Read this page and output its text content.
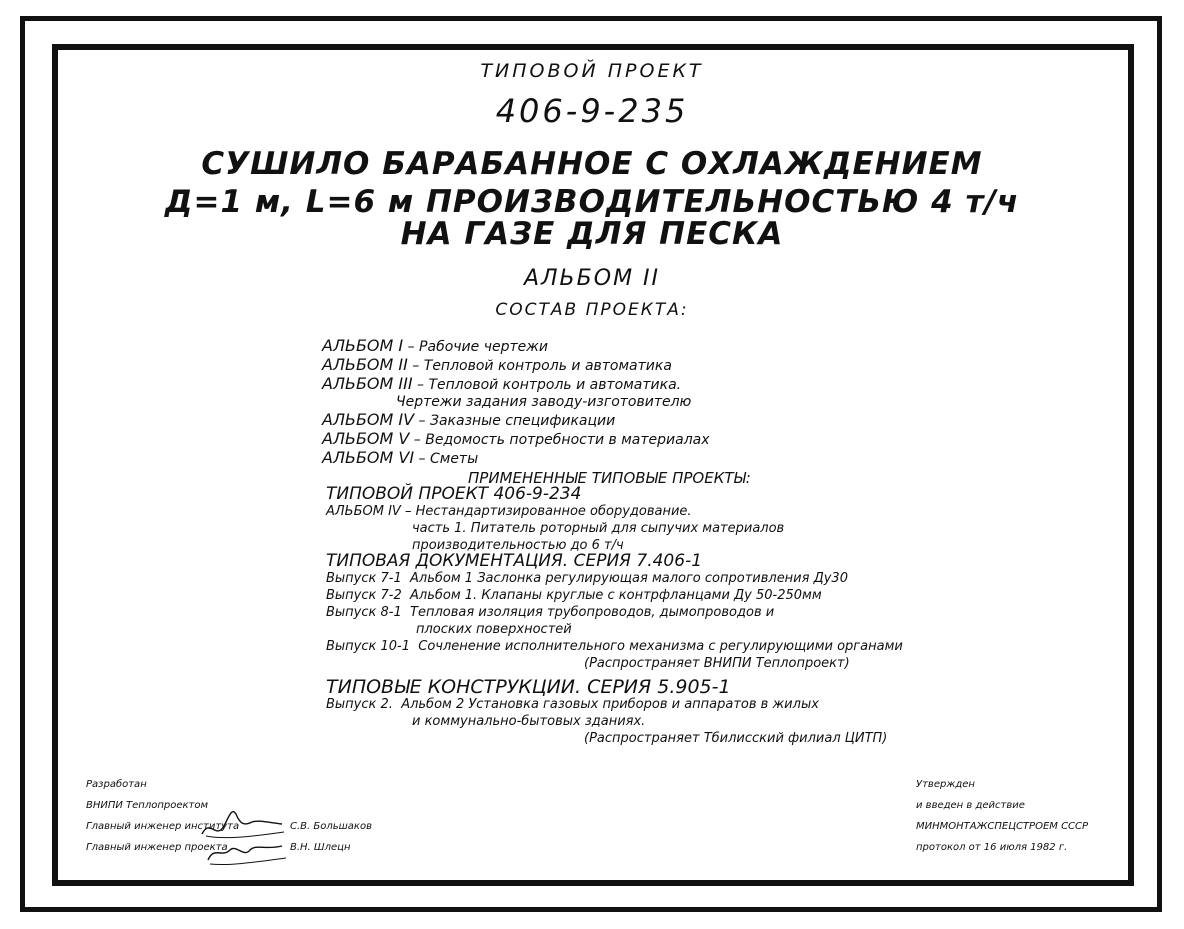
ТИПОВОЙ ПРОЕКТ
406-9-235
СУШИЛО БАРАБАННОЕ С ОХЛАЖДЕНИЕМ
Д=1 м, L=6 м ПРОИЗВОДИТЕЛЬНОСТЬЮ 4 т/ч
НА ГАЗЕ ДЛЯ ПЕСКА
АЛЬБОМ II
СОСТАВ ПРОЕКТА:
АЛЬБОМ I – Рабочие чертежи
АЛЬБОМ II – Тепловой контроль и автоматика
АЛЬБОМ III – Тепловой контроль и автоматика.
Чертежи задания заводу-изготовителю
АЛЬБОМ IV – Заказные спецификации
АЛЬБОМ V – Ведомость потребности в материалах
АЛЬБОМ VI – Сметы
ПРИМЕНЕННЫЕ ТИПОВЫЕ ПРОЕКТЫ:
ТИПОВОЙ ПРОЕКТ 406-9-234
АЛЬБОМ IV – Нестандартизированное оборудование.
часть 1. Питатель роторный для сыпучих материалов
производительностью до 6 т/ч
ТИПОВАЯ ДОКУМЕНТАЦИЯ. СЕРИЯ 7.406-1
Выпуск 7-1 Альбом 1 Заслонка регулирующая малого сопротивления Ду30
Выпуск 7-2 Альбом 1. Клапаны круглые с контрфланцами Ду 50-250мм
Выпуск 8-1 Тепловая изоляция трубопроводов, дымопроводов и
плоских поверхностей
Выпуск 10-1 Сочленение исполнительного механизма с регулирующими органами
(Распространяет ВНИПИ Теплопроект)
ТИПОВЫЕ КОНСТРУКЦИИ. СЕРИЯ 5.905-1
Выпуск 2. Альбом 2 Установка газовых приборов и аппаратов в жилых
и коммунально-бытовых зданиях.
(Распространяет Тбилисский филиал ЦИТП)
Разработан
ВНИПИ Теплопроектом
Главный инженер института
Главный инженер проекта
С.В. Большаков
В.Н. Шлецн
Утвержден
и введен в действие
МИНМОНТАЖСПЕЦСТРОЕМ СССР
протокол от 16 июля 1982 г.
